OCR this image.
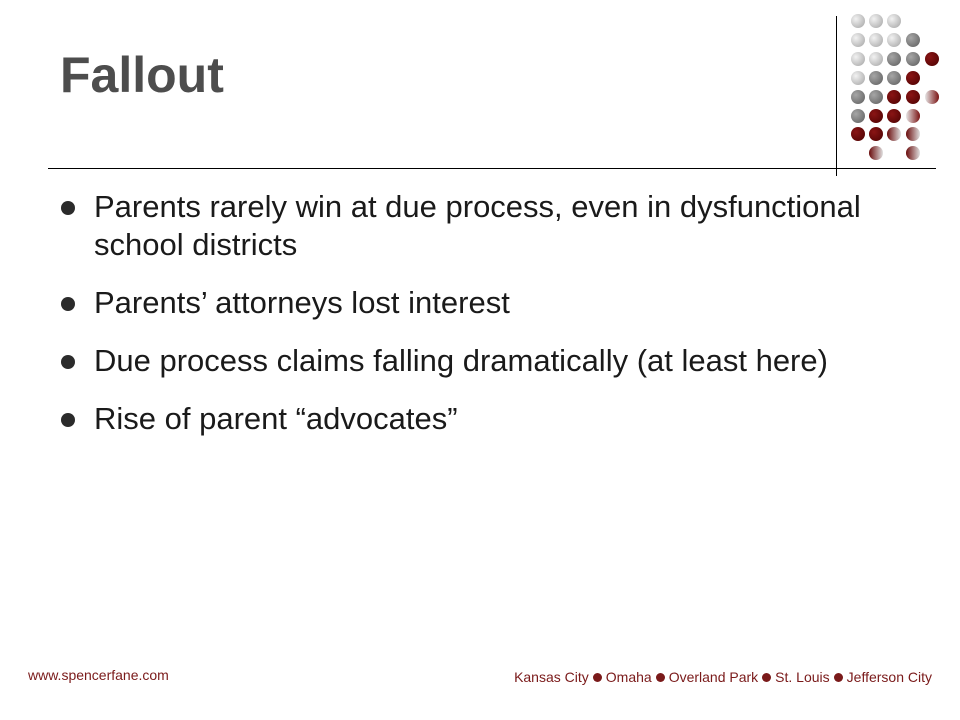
Fallout
Parents rarely win at due process, even in dysfunctional school districts
Parents’ attorneys lost interest
Due process claims falling dramatically (at least here)
Rise of parent “advocates”
www.spencerfane.com	Kansas City Omaha Overland Park St. Louis Jefferson City
